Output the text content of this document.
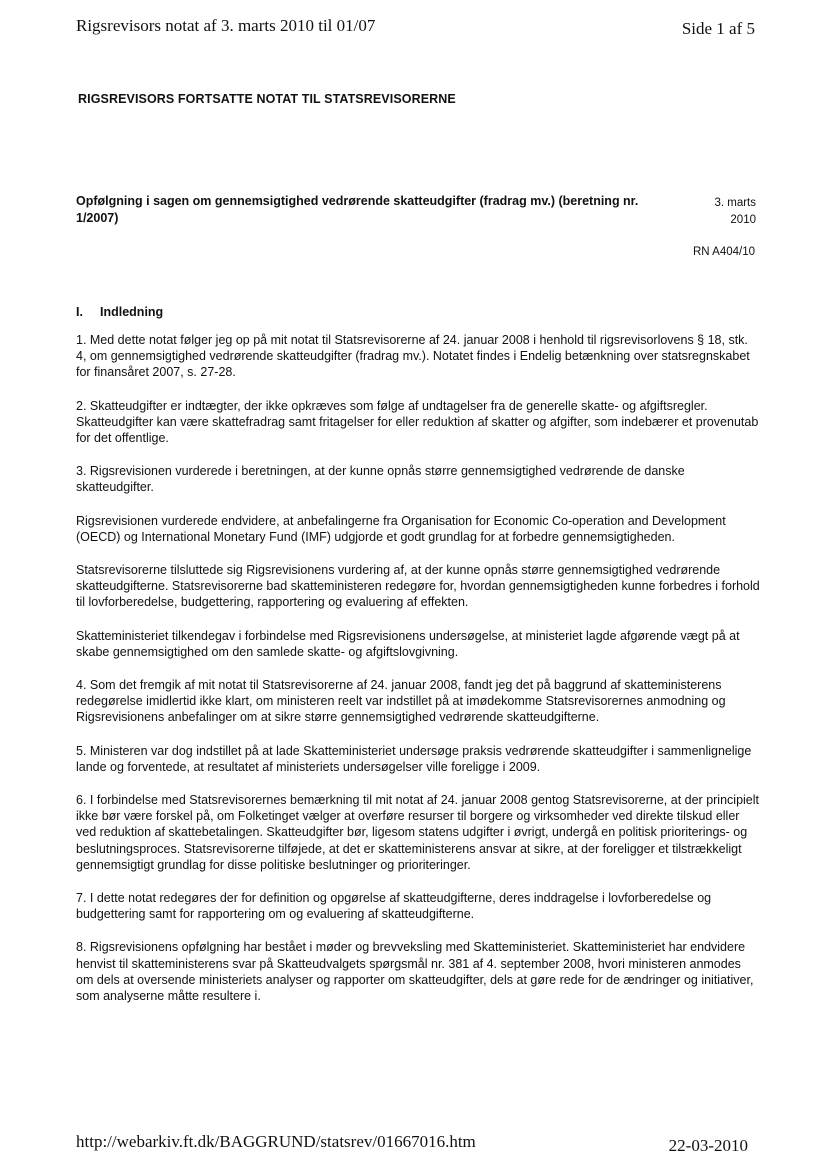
Rigsrevisors notat af 3. marts 2010 til 01/07	Side 1 af 5
RIGSREVISORS FORTSATTE NOTAT TIL STATSREVISORERNE
Opfølgning i sagen om gennemsigtighed vedrørende skatteudgifter (fradrag mv.) (beretning nr. 1/2007)
3. marts
2010
RN A404/10
I. Indledning

1. Med dette notat følger jeg op på mit notat til Statsrevisorerne af 24. januar 2008 i henhold til rigsrevisorlovens § 18, stk. 4, om gennemsigtighed vedrørende skatteudgifter (fradrag mv.). Notatet findes i Endelig betænkning over statsregnskabet for finansåret 2007, s. 27-28.

2. Skatteudgifter er indtægter, der ikke opkræves som følge af undtagelser fra de generelle skatte- og afgiftsregler. Skatteudgifter kan være skattefradrag samt fritagelser for eller reduktion af skatter og afgifter, som indebærer et provenutab for det offentlige.

3. Rigsrevisionen vurderede i beretningen, at der kunne opnås større gennemsigtighed vedrørende de danske skatteudgifter.

Rigsrevisionen vurderede endvidere, at anbefalingerne fra Organisation for Economic Co-operation and Development (OECD) og International Monetary Fund (IMF) udgjorde et godt grundlag for at forbedre gennemsigtigheden.

Statsrevisorerne tilsluttede sig Rigsrevisionens vurdering af, at der kunne opnås større gennemsigtighed vedrørende skatteudgifterne. Statsrevisorerne bad skatteministeren redegøre for, hvordan gennemsigtigheden kunne forbedres i forhold til lovforberedelse, budgettering, rapportering og evaluering af effekten.

Skatteministeriet tilkendegav i forbindelse med Rigsrevisionens undersøgelse, at ministeriet lagde afgørende vægt på at skabe gennemsigtighed om den samlede skatte- og afgiftslovgivning.

4. Som det fremgik af mit notat til Statsrevisorerne af 24. januar 2008, fandt jeg det på baggrund af skatteministerens redegørelse imidlertid ikke klart, om ministeren reelt var indstillet på at imødekomme Statsrevisorernes anmodning og Rigsrevisionens anbefalinger om at sikre større gennemsigtighed vedrørende skatteudgifterne.

5. Ministeren var dog indstillet på at lade Skatteministeriet undersøge praksis vedrørende skatteudgifter i sammenlignelige lande og forventede, at resultatet af ministeriets undersøgelser ville foreligge i 2009.

6. I forbindelse med Statsrevisorernes bemærkning til mit notat af 24. januar 2008 gentog Statsrevisorerne, at der principielt ikke bør være forskel på, om Folketinget vælger at overføre resurser til borgere og virksomheder ved direkte tilskud eller ved reduktion af skattebetalingen. Skatteudgifter bør, ligesom statens udgifter i øvrigt, undergå en politisk prioriterings- og beslutningsproces. Statsrevisorerne tilføjede, at det er skatteministerens ansvar at sikre, at der foreligger et tilstrækkeligt gennemsigtigt grundlag for disse politiske beslutninger og prioriteringer.

7. I dette notat redegøres der for definition og opgørelse af skatteudgifterne, deres inddragelse i lovforberedelse og budgettering samt for rapportering om og evaluering af skatteudgifterne.

8. Rigsrevisionens opfølgning har bestået i møder og brevveksling med Skatteministeriet. Skatteministeriet har endvidere henvist til skatteministerens svar på Skatteudvalgets spørgsmål nr. 381 af 4. september 2008, hvori ministeren anmodes om dels at oversende ministeriets analyser og rapporter om skatteudgifter, dels at gøre rede for de ændringer og initiativer, som analyserne måtte resultere i.

http://webarkiv.ft.dk/BAGGRUND/statsrev/01667016.htm	22-03-2010
